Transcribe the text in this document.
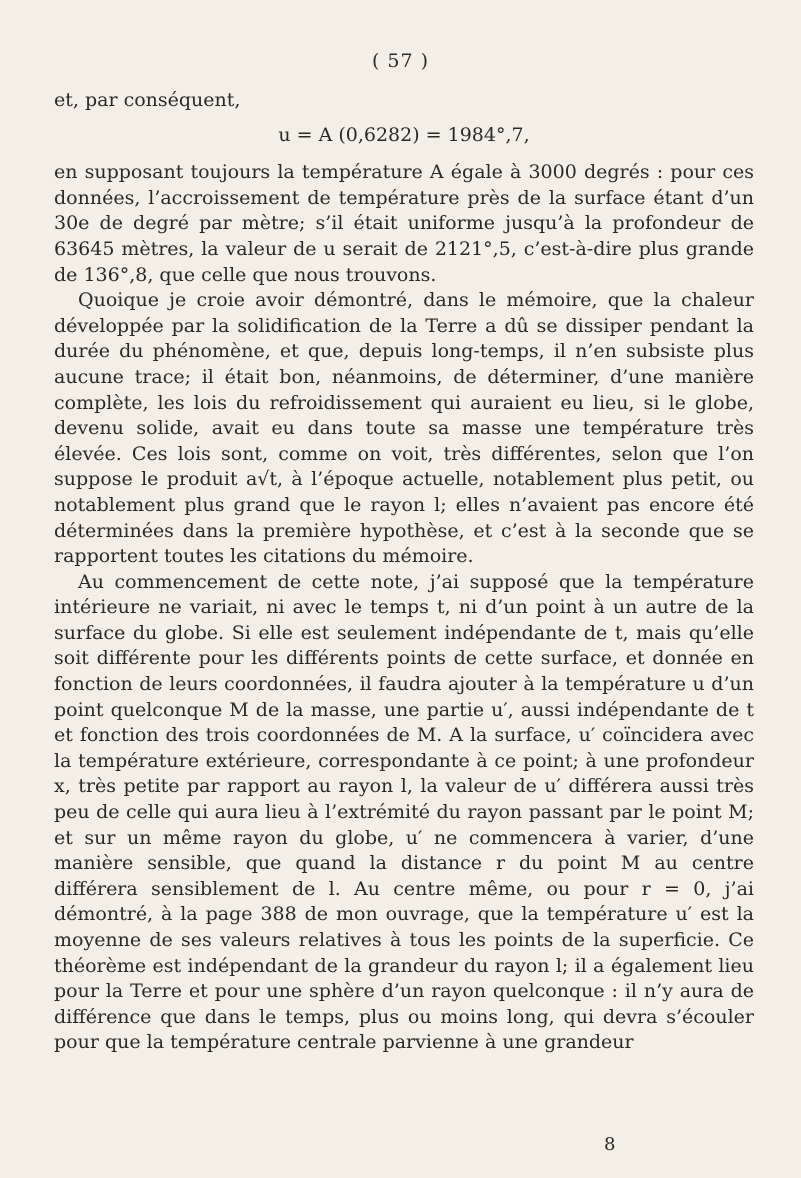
( 57 )

et, par conséquent,

u = A (0,6282) = 1984°,7,

en supposant toujours la température A égale à 3000 degrés : pour ces données, l’accroissement de température près de la surface étant d’un 30e de degré par mètre; s’il était uniforme jusqu’à la profondeur de 63645 mètres, la valeur de u serait de 2121°,5, c’est-à-dire plus grande de 136°,8, que celle que nous trouvons.

Quoique je croie avoir démontré, dans le mémoire, que la chaleur développée par la solidification de la Terre a dû se dissiper pendant la durée du phénomène, et que, depuis long-temps, il n’en subsiste plus aucune trace; il était bon, néanmoins, de déterminer, d’une manière complète, les lois du refroidissement qui auraient eu lieu, si le globe, devenu solide, avait eu dans toute sa masse une température très élevée. Ces lois sont, comme on voit, très différentes, selon que l’on suppose le produit a√t, à l’époque actuelle, notablement plus petit, ou notablement plus grand que le rayon l; elles n’avaient pas encore été déterminées dans la première hypothèse, et c’est à la seconde que se rapportent toutes les citations du mémoire.

Au commencement de cette note, j’ai supposé que la température intérieure ne variait, ni avec le temps t, ni d’un point à un autre de la surface du globe. Si elle est seulement indépendante de t, mais qu’elle soit différente pour les différents points de cette surface, et donnée en fonction de leurs coordonnées, il faudra ajouter à la température u d’un point quelconque M de la masse, une partie u′, aussi indépendante de t et fonction des trois coordonnées de M. A la surface, u′ coïncidera avec la température extérieure, correspondante à ce point; à une profondeur x, très petite par rapport au rayon l, la valeur de u′ différera aussi très peu de celle qui aura lieu à l’extrémité du rayon passant par le point M; et sur un même rayon du globe, u′ ne commencera à varier, d’une manière sensible, que quand la distance r du point M au centre différera sensiblement de l. Au centre même, ou pour r = 0, j’ai démontré, à la page 388 de mon ouvrage, que la température u′ est la moyenne de ses valeurs relatives à tous les points de la superficie. Ce théorème est indépendant de la grandeur du rayon l; il a également lieu pour la Terre et pour une sphère d’un rayon quelconque : il n’y aura de différence que dans le temps, plus ou moins long, qui devra s’écouler pour que la température centrale parvienne à une grandeur

8
